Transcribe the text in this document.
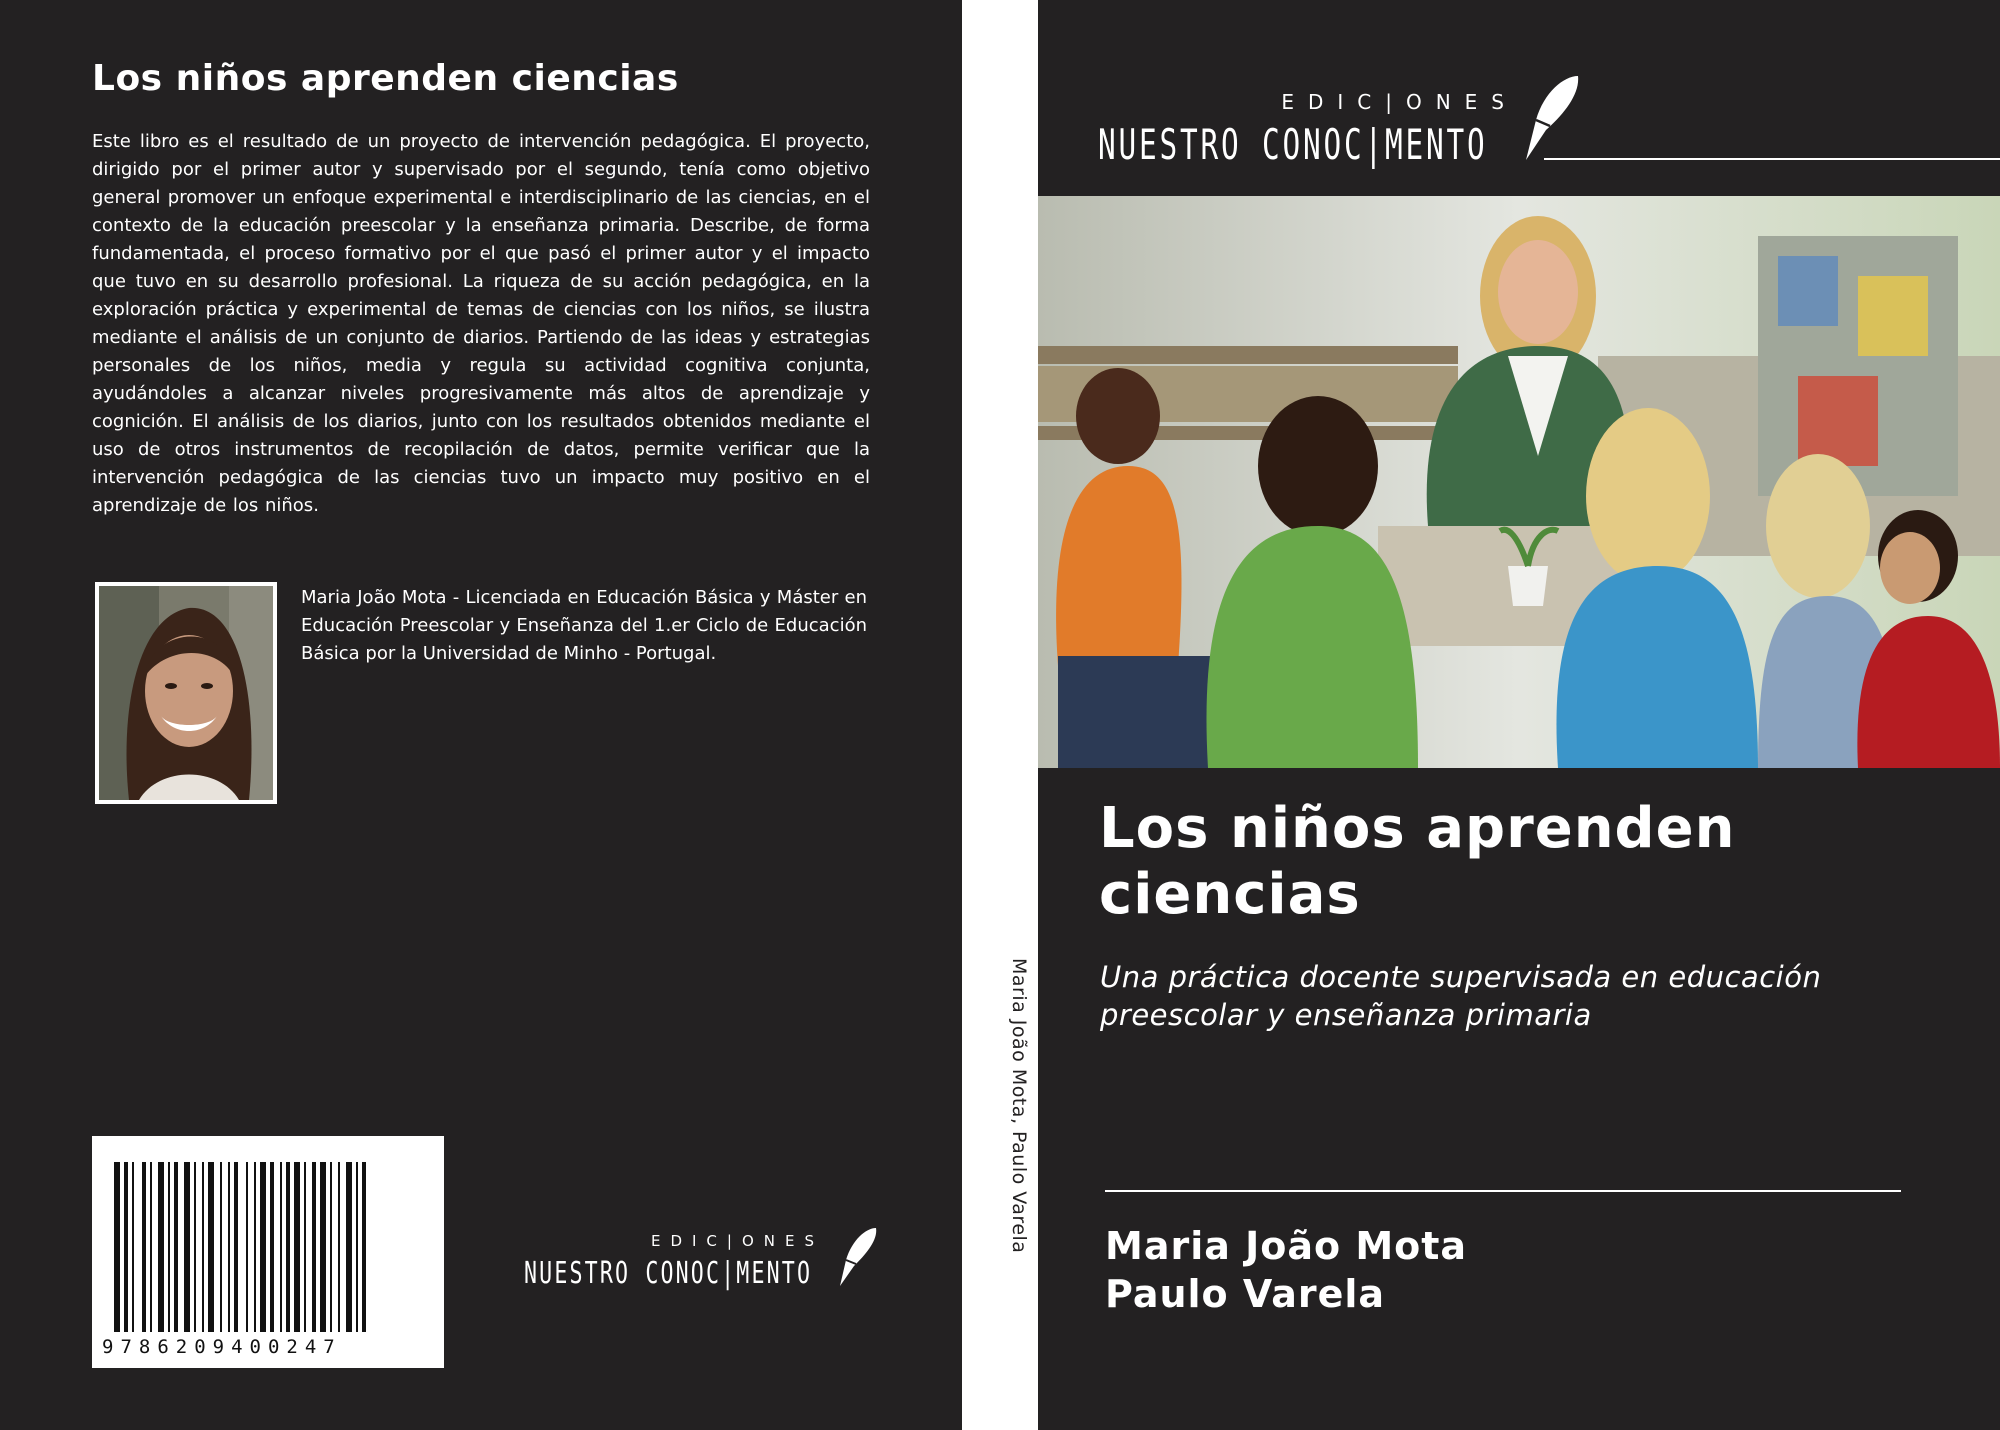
Los niños aprenden ciencias
Este libro es el resultado de un proyecto de intervención pedagógica. El proyecto, dirigido por el primer autor y supervisado por el segundo, tenía como objetivo general promover un enfoque experimental e interdisciplinario de las ciencias, en el contexto de la educación preescolar y la enseñanza primaria. Describe, de forma fundamentada, el proceso formativo por el que pasó el primer autor y el impacto que tuvo en su desarrollo profesional. La riqueza de su acción pedagógica, en la exploración práctica y experimental de temas de ciencias con los niños, se ilustra mediante el análisis de un conjunto de diarios. Partiendo de las ideas y estrategias personales de los niños, media y regula su actividad cognitiva conjunta, ayudándoles a alcanzar niveles progresivamente más altos de aprendizaje y cognición. El análisis de los diarios, junto con los resultados obtenidos mediante el uso de otros instrumentos de recopilación de datos, permite verificar que la intervención pedagógica de las ciencias tuvo un impacto muy positivo en el aprendizaje de los niños.
Maria João Mota - Licenciada en Educación Básica y Máster en Educación Preescolar y Enseñanza del 1.er Ciclo de Educación Básica por la Universidad de Minho - Portugal.
9786209400247
EDIC|ONES
NUESTRO CONOC|MENTO
Maria João Mota, Paulo Varela
EDIC|ONES
NUESTRO CONOC|MENTO
Los niños aprenden ciencias
Una práctica docente supervisada en educación preescolar y enseñanza primaria
Maria João Mota
Paulo Varela
